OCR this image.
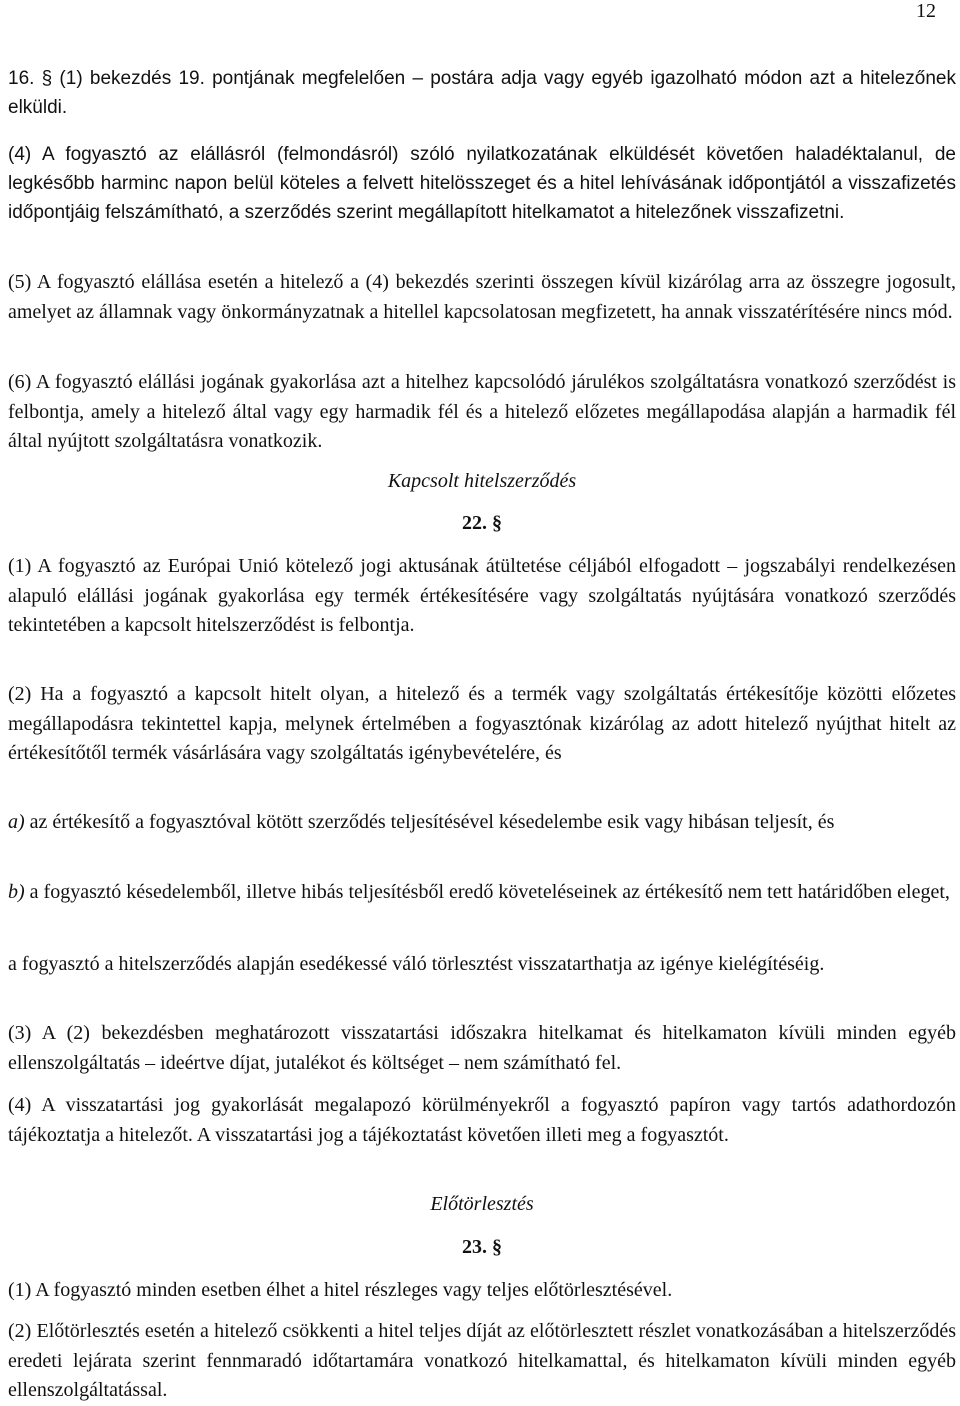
12
16. § (1) bekezdés 19. pontjának megfelelően – postára adja vagy egyéb igazolható módon azt a hitelezőnek elküldi.
(4) A fogyasztó az elállásról (felmondásról) szóló nyilatkozatának elküldését követően haladéktalanul, de legkésőbb harminc napon belül köteles a felvett hitelösszeget és a hitel lehívásának időpontjától a visszafizetés időpontjáig felszámítható, a szerződés szerint megállapított hitelkamatot a hitelezőnek visszafizetni.
(5) A fogyasztó elállása esetén a hitelező a (4) bekezdés szerinti összegen kívül kizárólag arra az összegre jogosult, amelyet az államnak vagy önkormányzatnak a hitellel kapcsolatosan megfizetett, ha annak visszatérítésére nincs mód.
(6) A fogyasztó elállási jogának gyakorlása azt a hitelhez kapcsolódó járulékos szolgáltatásra vonatkozó szerződést is felbontja, amely a hitelező által vagy egy harmadik fél és a hitelező előzetes megállapodása alapján a harmadik fél által nyújtott szolgáltatásra vonatkozik.
Kapcsolt hitelszerződés
22. §
(1) A fogyasztó az Európai Unió kötelező jogi aktusának átültetése céljából elfogadott – jogszabályi rendelkezésen alapuló elállási jogának gyakorlása egy termék értékesítésére vagy szolgáltatás nyújtására vonatkozó szerződés tekintetében a kapcsolt hitelszerződést is felbontja.
(2) Ha a fogyasztó a kapcsolt hitelt olyan, a hitelező és a termék vagy szolgáltatás értékesítője közötti előzetes megállapodásra tekintettel kapja, melynek értelmében a fogyasztónak kizárólag az adott hitelező nyújthat hitelt az értékesítőtől termék vásárlására vagy szolgáltatás igénybevételére, és
a) az értékesítő a fogyasztóval kötött szerződés teljesítésével késedelembe esik vagy hibásan teljesít, és
b) a fogyasztó késedelemből, illetve hibás teljesítésből eredő követeléseinek az értékesítő nem tett határidőben eleget,
a fogyasztó a hitelszerződés alapján esedékessé váló törlesztést visszatarthatja az igénye kielégítéséig.
(3) A (2) bekezdésben meghatározott visszatartási időszakra hitelkamat és hitelkamaton kívüli minden egyéb ellenszolgáltatás – ideértve díjat, jutalékot és költséget – nem számítható fel.
(4) A visszatartási jog gyakorlását megalapozó körülményekről a fogyasztó papíron vagy tartós adathordozón tájékoztatja a hitelezőt. A visszatartási jog a tájékoztatást követően illeti meg a fogyasztót.
Előtörlesztés
23. §
(1) A fogyasztó minden esetben élhet a hitel részleges vagy teljes előtörlesztésével.
(2) Előtörlesztés esetén a hitelező csökkenti a hitel teljes díját az előtörlesztett részlet vonatkozásában a hitelszerződés eredeti lejárata szerint fennmaradó időtartamára vonatkozó hitelkamattal, és hitelkamaton kívüli minden egyéb ellenszolgáltatással.
